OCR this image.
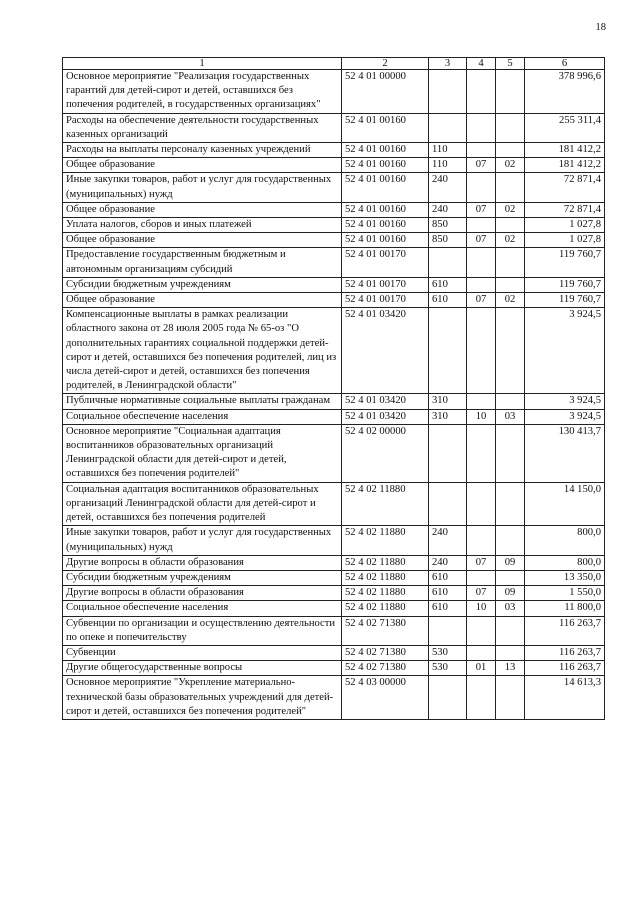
18
1	2	3	4	5	6
Основное мероприятие "Реализация государственных гарантий для детей-сирот и детей, оставшихся без попечения родителей, в государственных организациях"	52 4 01 00000				378 996,6
Расходы на обеспечение деятельности государственных казенных организаций	52 4 01 00160				255 311,4
Расходы на выплаты персоналу казенных учреждений	52 4 01 00160	110			181 412,2
Общее образование	52 4 01 00160	110	07	02	181 412,2
Иные закупки товаров, работ и услуг для государственных (муниципальных) нужд	52 4 01 00160	240			72 871,4
Общее образование	52 4 01 00160	240	07	02	72 871,4
Уплата налогов, сборов и иных платежей	52 4 01 00160	850			1 027,8
Общее образование	52 4 01 00160	850	07	02	1 027,8
Предоставление государственным бюджетным и автономным организациям субсидий	52 4 01 00170				119 760,7
Субсидии бюджетным учреждениям	52 4 01 00170	610			119 760,7
Общее образование	52 4 01 00170	610	07	02	119 760,7
Компенсационные выплаты в рамках реализации областного закона от 28 июля 2005 года № 65-оз "О дополнительных гарантиях социальной поддержки детей-сирот и детей, оставшихся без попечения родителей, лиц из числа детей-сирот и детей, оставшихся без попечения родителей, в Ленинградской области"	52 4 01 03420				3 924,5
Публичные нормативные социальные выплаты гражданам	52 4 01 03420	310			3 924,5
Социальное обеспечение населения	52 4 01 03420	310	10	03	3 924,5
Основное мероприятие "Социальная адаптация воспитанников образовательных организаций Ленинградской области для детей-сирот и детей, оставшихся без попечения родителей"	52 4 02 00000				130 413,7
Социальная адаптация воспитанников образовательных организаций Ленинградской области для детей-сирот и детей, оставшихся без попечения родителей	52 4 02 11880				14 150,0
Иные закупки товаров, работ и услуг для государственных (муниципальных) нужд	52 4 02 11880	240			800,0
Другие вопросы в области образования	52 4 02 11880	240	07	09	800,0
Субсидии бюджетным учреждениям	52 4 02 11880	610			13 350,0
Другие вопросы в области образования	52 4 02 11880	610	07	09	1 550,0
Социальное обеспечение населения	52 4 02 11880	610	10	03	11 800,0
Субвенции по организации и осуществлению деятельности по опеке и попечительству	52 4 02 71380				116 263,7
Субвенции	52 4 02 71380	530			116 263,7
Другие общегосударственные вопросы	52 4 02 71380	530	01	13	116 263,7
Основное мероприятие "Укрепление материально-технической базы образовательных учреждений для детей-сирот и детей, оставшихся без попечения родителей"	52 4 03 00000				14 613,3
